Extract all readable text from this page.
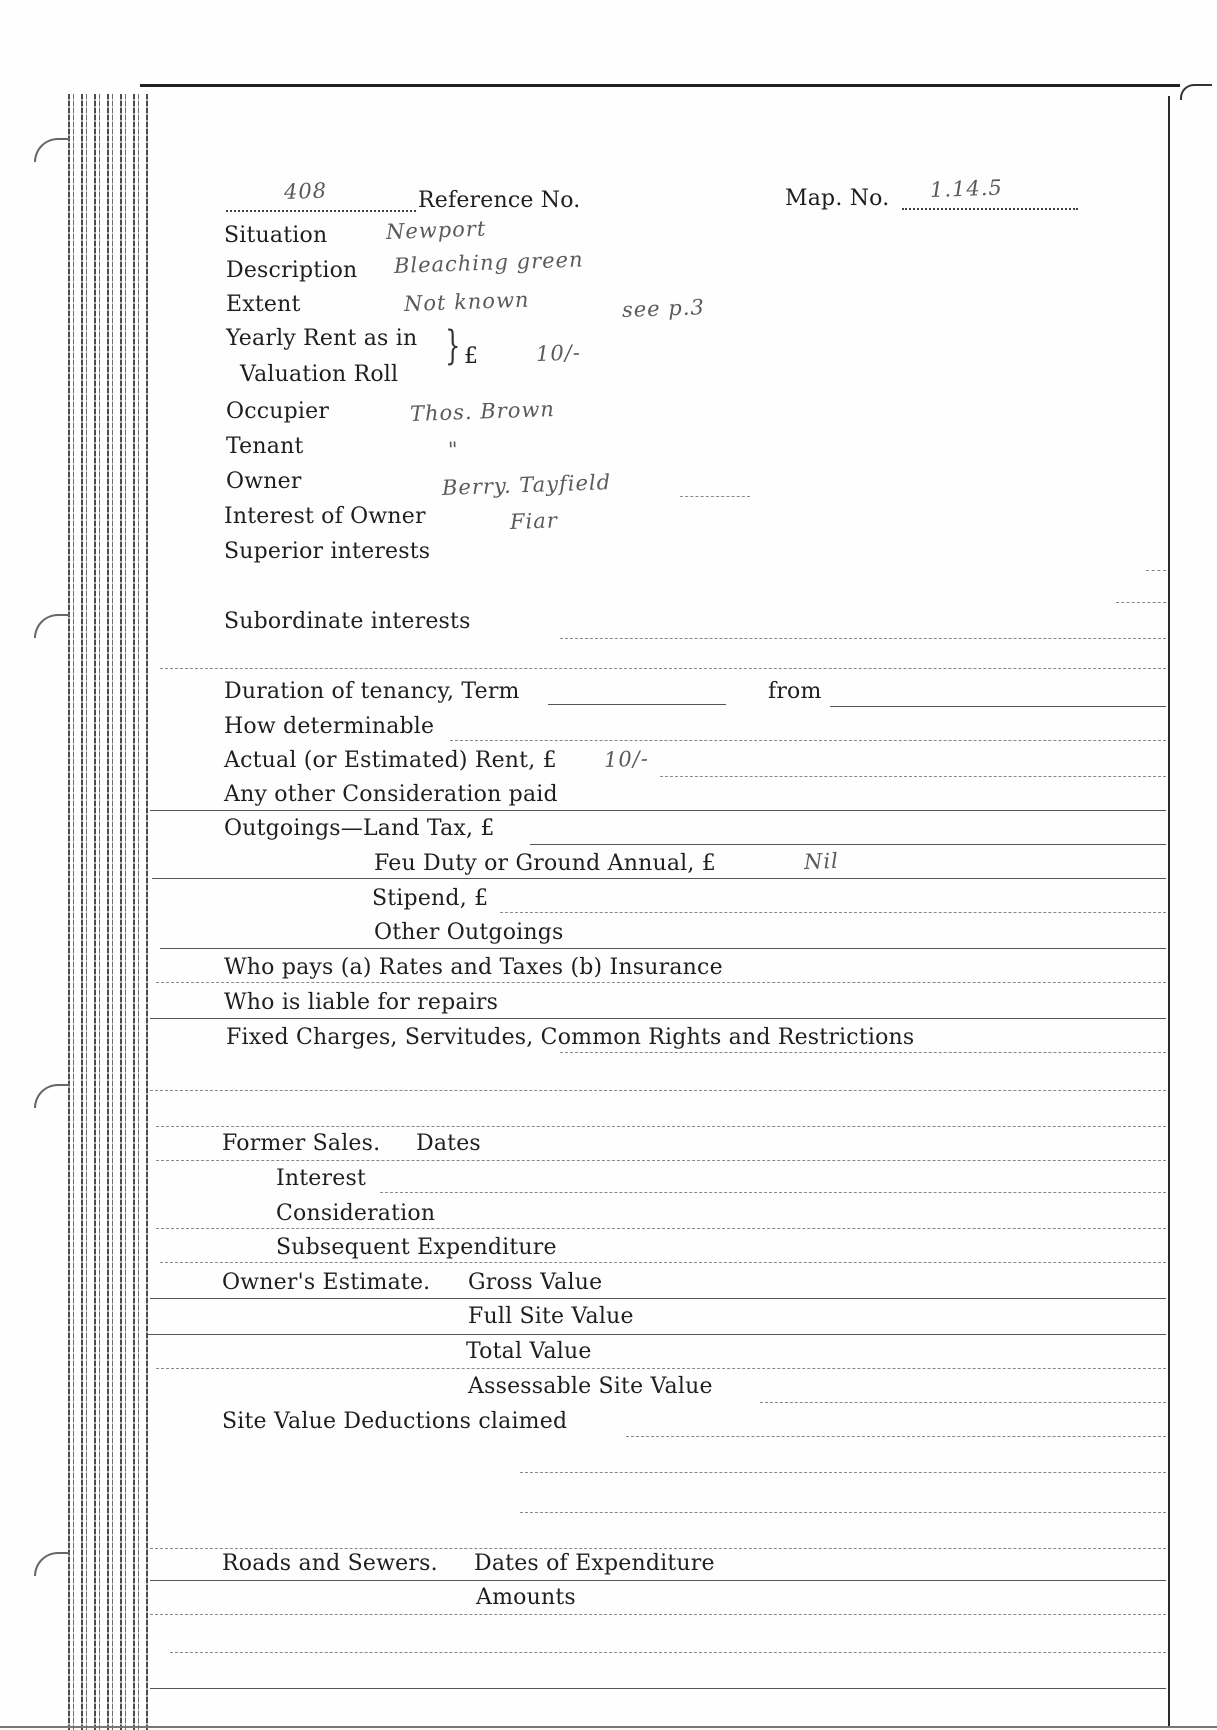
408	Reference No.	Map. No. 1.14.5
Situation	Newport
Description Bleaching green
Extent	Not known	see p.3
Yearly Rent as in
Valuation Roll
} £	10/-
Occupier	Thos. Brown
Tenant	"
Owner	Berry. Tayfield
Interest of Owner	Fiar
Superior interests
Subordinate interests
Duration of tenancy, Term	from
How determinable
Actual (or Estimated) Rent, £ 10/-
Any other Consideration paid
Outgoings—Land Tax, £
Feu Duty or Ground Annual, £	Nil
Stipend, £
Other Outgoings
Who pays (a) Rates and Taxes (b) Insurance
Who is liable for repairs
Fixed Charges, Servitudes, Common Rights and Restrictions
Former Sales. Dates
Interest
Consideration
Subsequent Expenditure
Owner's Estimate. Gross Value
Full Site Value
Total Value
Assessable Site Value
Site Value Deductions claimed
Roads and Sewers. Dates of Expenditure
Amounts
